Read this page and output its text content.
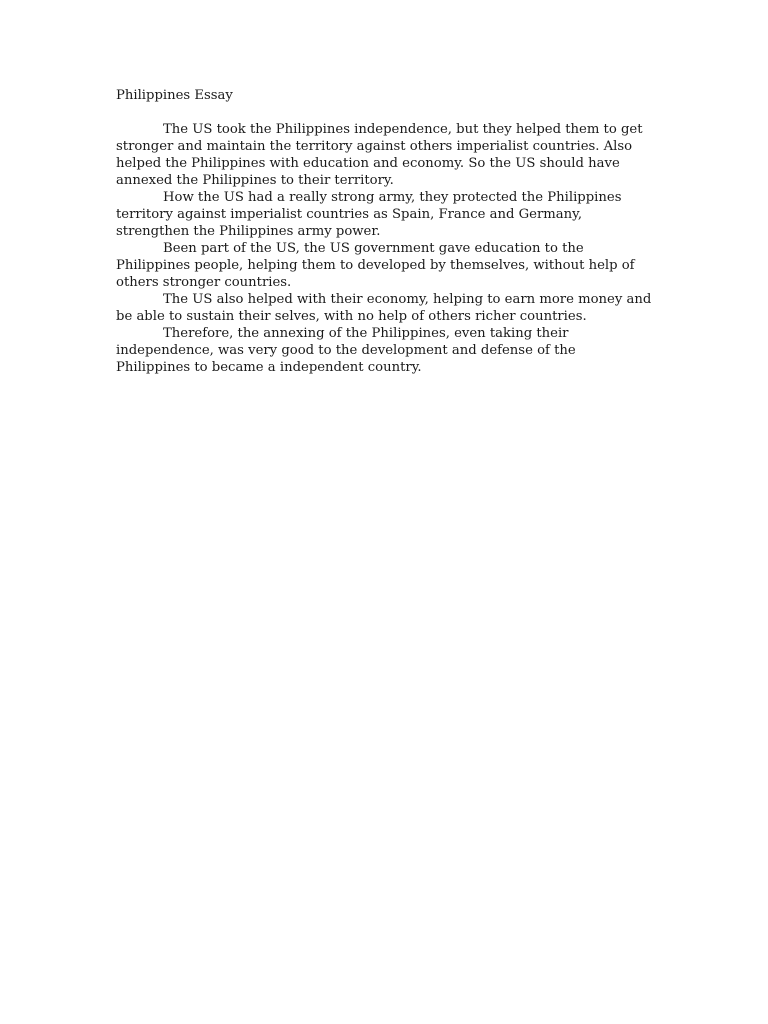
Philippines Essay

The US took the Philippines independence, but they helped them to get stronger and maintain the territory against others imperialist countries. Also helped the Philippines with education and economy. So the US should have annexed the Philippines to their territory.

How the US had a really strong army, they protected the Philippines territory against imperialist countries as Spain, France and Germany, strengthen the Philippines army power.

Been part of the US, the US government gave education to the Philippines people, helping them to developed by themselves, without help of others stronger countries.

The US also helped with their economy, helping to earn more money and be able to sustain their selves, with no help of others richer countries.

Therefore, the annexing of the Philippines, even taking their independence, was very good to the development and defense of the Philippines to became a independent country.
